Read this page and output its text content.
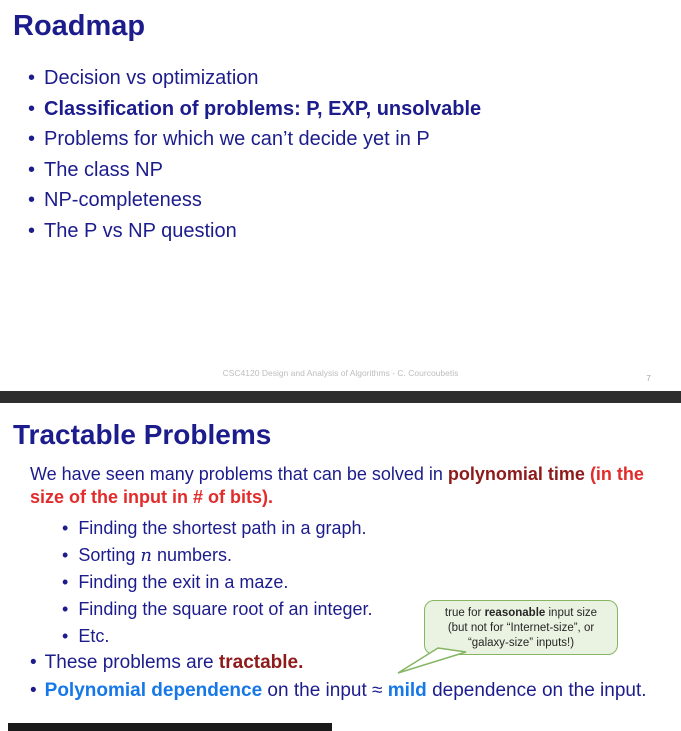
Roadmap
• Decision vs optimization
• Classification of problems: P, EXP, unsolvable
• Problems for which we can’t decide yet in P
• The class NP
• NP-completeness
• The P vs NP question
CSC4120 Design and Analysis of Algorithms - C. Courcoubetis	7
Tractable Problems

We have seen many problems that can be solved in polynomial time (in the size of the input in # of bits).

• Finding the shortest path in a graph.
• Sorting n numbers.
• Finding the exit in a maze.
• Finding the square root of an integer.
• Etc.
true for reasonable input size
(but not for “Internet-size”, or
“galaxy-size” inputs!)
• These problems are tractable.
• Polynomial dependence on the input ≈ mild dependence on the input.
